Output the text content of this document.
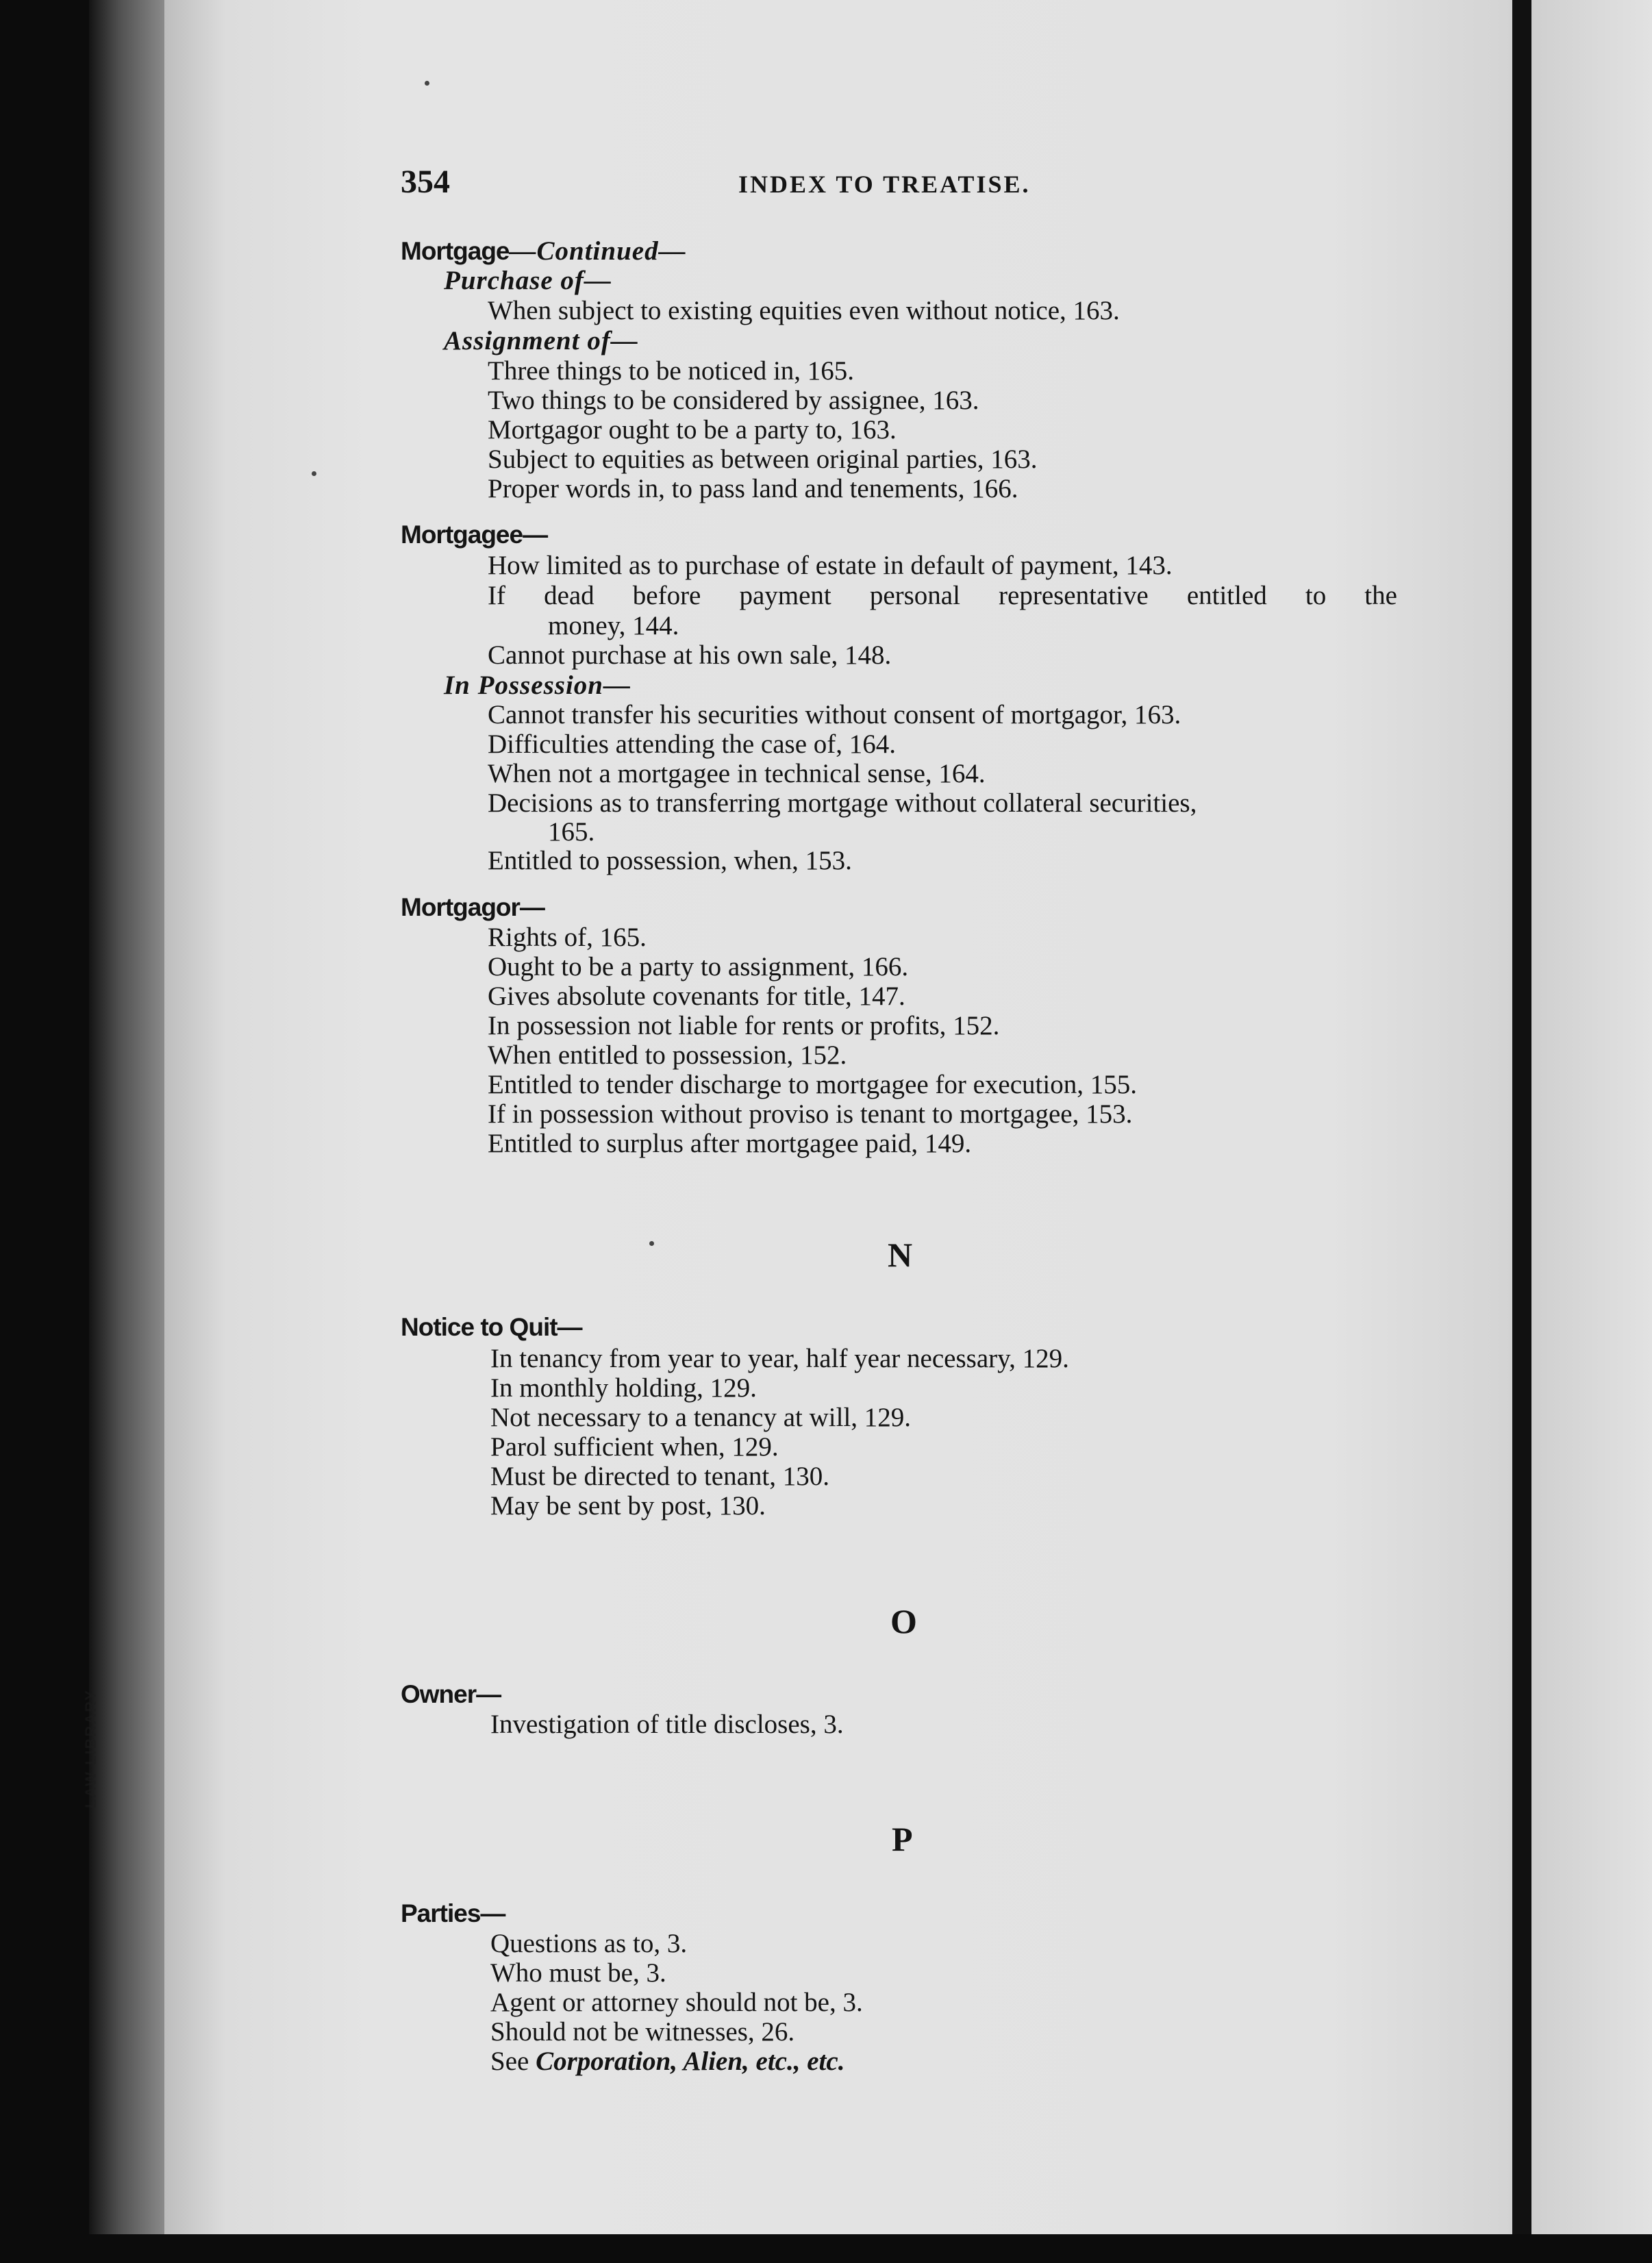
LAW LIBRARY
354	INDEX TO TREATISE.
Mortgage—Continued—
Purchase of—
When subject to existing equities even without notice, 163.
Assignment of—
Three things to be noticed in, 165.
Two things to be considered by assignee, 163.
Mortgagor ought to be a party to, 163.
Subject to equities as between original parties, 163.
Proper words in, to pass land and tenements, 166.
Mortgagee—
How limited as to purchase of estate in default of payment, 143.
If dead before payment personal representative entitled to the
money, 144.
Cannot purchase at his own sale, 148.
In Possession—
Cannot transfer his securities without consent of mortgagor, 163.
Difficulties attending the case of, 164.
When not a mortgagee in technical sense, 164.
Decisions as to transferring mortgage without collateral securities,
165.
Entitled to possession, when, 153.
Mortgagor—
Rights of, 165.
Ought to be a party to assignment, 166.
Gives absolute covenants for title, 147.
In possession not liable for rents or profits, 152.
When entitled to possession, 152.
Entitled to tender discharge to mortgagee for execution, 155.
If in possession without proviso is tenant to mortgagee, 153.
Entitled to surplus after mortgagee paid, 149.
N
Notice to Quit—
In tenancy from year to year, half year necessary, 129.
In monthly holding, 129.
Not necessary to a tenancy at will, 129.
Parol sufficient when, 129.
Must be directed to tenant, 130.
May be sent by post, 130.
O
Owner—
Investigation of title discloses, 3.
P
Parties—
Questions as to, 3.
Who must be, 3.
Agent or attorney should not be, 3.
Should not be witnesses, 26.
See Corporation, Alien, etc., etc.
